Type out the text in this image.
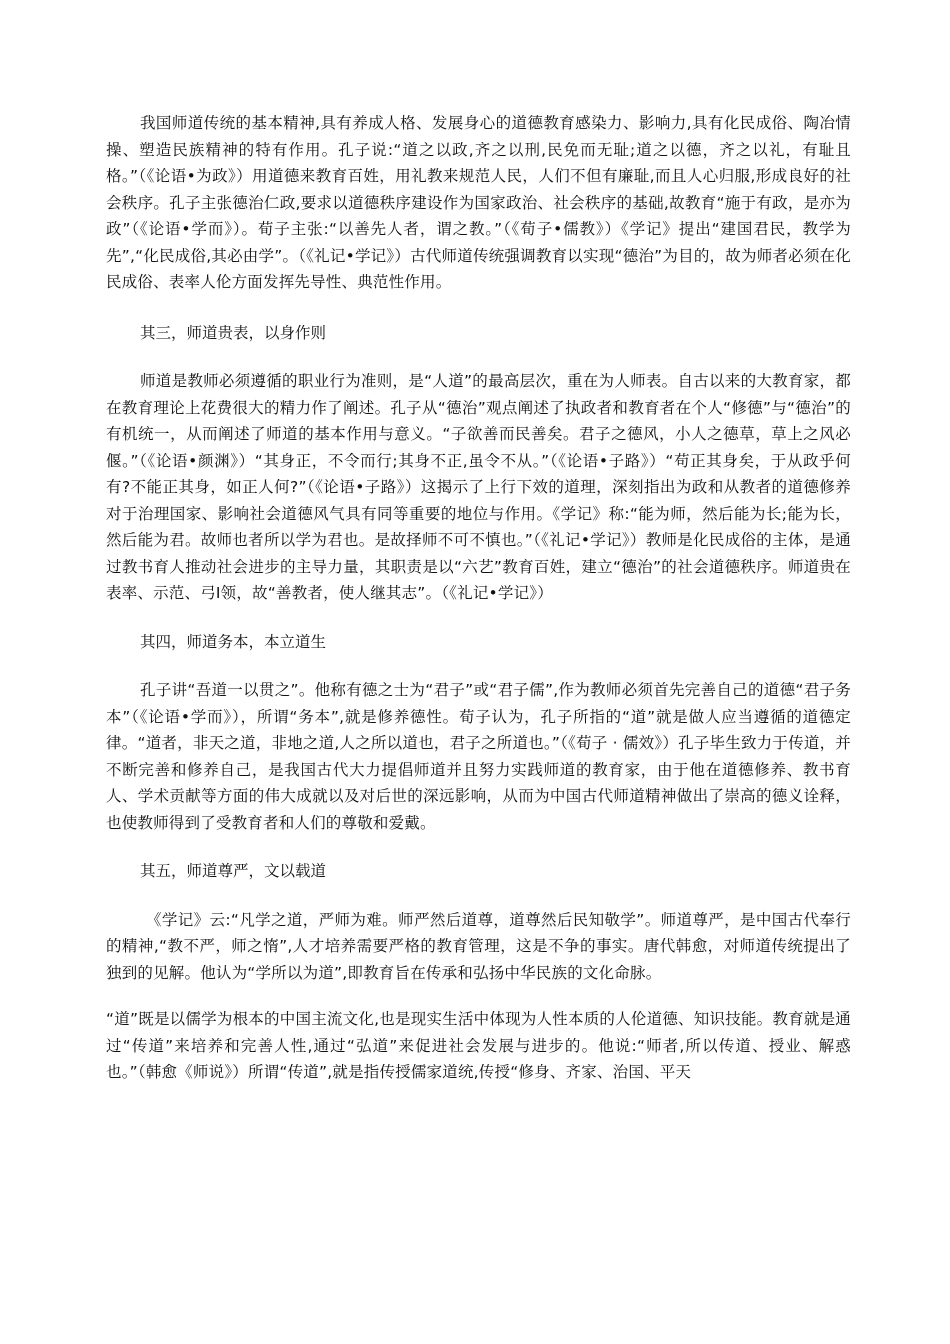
我国师道传统的基本精神,具有养成人格、发展身心的道德教育感染力、影响力,具有化民成俗、陶冶情操、塑造民族精神的特有作用。孔子说:“道之以政,齐之以刑,民免而无耻;道之以德，齐之以礼，有耻且格。”（《论语•为政》）用道德来教育百姓，用礼教来规范人民，人们不但有廉耻,而且人心归服,形成良好的社会秩序。孔子主张德治仁政,要求以道德秩序建设作为国家政治、社会秩序的基础,故教育“施于有政，是亦为政”（《论语•学而》）。荀子主张:“以善先人者，谓之教。”（《荀子•儒教》）《学记》提出“建国君民，教学为先”,“化民成俗,其必由学”。（《礼记•学记》）古代师道传统强调教育以实现“德治”为目的，故为师者必须在化民成俗、表率人伦方面发挥先导性、典范性作用。

其三，师道贵表，以身作则

师道是教师必须遵循的职业行为准则，是“人道”的最高层次，重在为人师表。自古以来的大教育家，都在教育理论上花费很大的精力作了阐述。孔子从“德治”观点阐述了执政者和教育者在个人“修德”与“德治”的有机统一，从而阐述了师道的基本作用与意义。“子欲善而民善矣。君子之德风，小人之德草，草上之风必偃。”（《论语•颜渊》）“其身正，不令而行;其身不正,虽令不从。”（《论语•子路》）“苟正其身矣，于从政乎何有?不能正其身，如正人何?”（《论语•子路》）这揭示了上行下效的道理，深刻指出为政和从教者的道德修养对于治理国家、影响社会道德风气具有同等重要的地位与作用。《学记》称:“能为师，然后能为长;能为长，然后能为君。故师也者所以学为君也。是故择师不可不慎也。”（《礼记•学记》）教师是化民成俗的主体，是通过教书育人推动社会进步的主导力量，其职责是以“六艺”教育百姓，建立“德治”的社会道德秩序。师道贵在表率、示范、弓I领，故“善教者，使人继其志”。（《礼记•学记》）

其四，师道务本，本立道生

孔子讲“吾道一以贯之”。他称有德之士为“君子”或“君子儒”,作为教师必须首先完善自己的道德“君子务本”（《论语•学而》），所谓“务本”,就是修养德性。荀子认为，孔子所指的“道”就是做人应当遵循的道德定律。“道者，非天之道，非地之道,人之所以道也，君子之所道也。”（《荀子 · 儒效》）孔子毕生致力于传道，并不断完善和修养自己，是我国古代大力提倡师道并且努力实践师道的教育家，由于他在道德修养、教书育人、学术贡献等方面的伟大成就以及对后世的深远影响，从而为中国古代师道精神做出了崇高的德义诠释，也使教师得到了受教育者和人们的尊敬和爱戴。

其五，师道尊严，文以载道

《学记》云:“凡学之道，严师为难。师严然后道尊，道尊然后民知敬学”。师道尊严，是中国古代奉行的精神,“教不严，师之惰”,人才培养需要严格的教育管理，这是不争的事实。唐代韩愈，对师道传统提出了独到的见解。他认为“学所以为道”,即教育旨在传承和弘扬中华民族的文化命脉。

“道”既是以儒学为根本的中国主流文化,也是现实生活中体现为人性本质的人伦道德、知识技能。教育就是通过“传道”来培养和完善人性,通过“弘道”来促进社会发展与进步的。他说:“师者,所以传道、授业、解惑也。”（韩愈《师说》）所谓“传道”,就是指传授儒家道统,传授“修身、齐家、治国、平天
